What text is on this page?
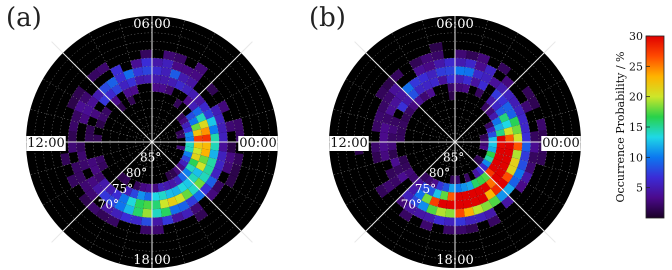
06:00
12:00	00:00
18:00
70°
75°
80°
85°
(a)	06:00
12:00	00:00
18:00
70°
75°
80°
85°
(b)
5
10
15
20
25
30
Occurrence Probability / %
